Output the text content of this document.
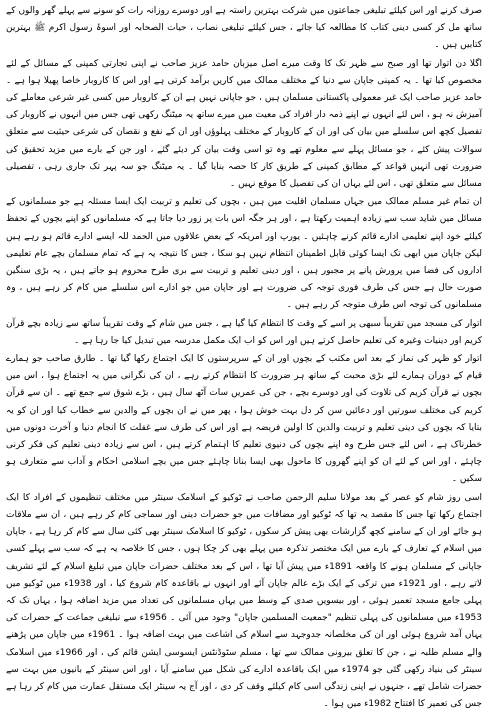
صرف کرنے اور اس کیلئے تبلیغی جماعتوں میں شرکت بہترین راستہ ہے اور دوسرے روزانہ رات کو سونے سے پہلے گھر والوں کے ساتھ مل کر کسی دینی کتاب کا مطالعہ کیا جائے ، جس کیلئے تبلیغی نصاب ، حیات الصحابہ اور اسوۂ رسول اکرم ﷺ بہترین کتابیں ہیں ۔

اگلا دن اتوار تھا اور صبح سے ظہر تک کا وقت میرے اصل میزبان حامد عزیز صاحب نے اپنی تجارتی کمپنی کے مسائل کے لئے مخصوص کیا تھا ۔ یہ کمپنی جاپان سے دنیا کے مختلف ممالک میں کاریں برآمد کرتی ہے اور اس کا کاروبار خاصا پھیلا ہوا ہے ۔ حامد عزیز صاحب ایک غیر معمولی پاکستانی مسلمان ہیں ، جو جاپانی نہیں ہے ان کے کاروبار میں کسی غیر شرعی معاملے کی آمیزش نہ ہو ، اس لئے انہوں نے اپنے ذمہ دار افراد کی معیت میں میرے ساتھ یہ میٹنگ رکھی تھی جس میں انہوں نے کاروبار کی تفصیل کچھ اس سلسلے میں بیان کی اور ان کے کاروبار کے مختلف پہلوؤں اور ان کے نفع و نقصان کی شرعی حیثیت سے متعلق سوالات پیش کئے ، جو مسائل پہلے سے معلوم تھے وہ تو اسی وقت بیان کر دیئے گئے ، اور جن کے بارے میں مزید تحقیق کی ضرورت تھی انہیں قواعد کے مطابق کمپنی کے طریق کار کا حصہ بنایا گیا ۔ یہ میٹنگ جو سہ پہر تک جاری رہی ، تفصیلی مسائل سے متعلق تھی ، اس لئے یہاں ان کی تفصیل کا موقع نہیں ۔

ان تمام غیر مسلم ممالک میں جہاں مسلمان اقلیت میں ہیں ، بچوں کی تعلیم و تربیت ایک ایسا مسئلہ ہے جو مسلمانوں کے مسائل میں شاید سب سے زیادہ اہمیت رکھتا ہے ، اور ہر جگہ اس بات پر زور دیا جاتا ہے کہ مسلمانوں کو اپنے بچوں کے تحفظ کیلئے خود اپنے تعلیمی ادارے قائم کرنے چاہئیں ۔ یورپ اور امریکہ کے بعض علاقوں میں الحمد للہ ایسے ادارے قائم ہو رہے ہیں لیکن جاپان میں ابھی تک ایسا کوئی قابل اطمینان انتظام نہیں ہو سکا ، جس کا نتیجہ یہ ہے کہ تمام مسلمان بچے عام تعلیمی اداروں کی فضا میں پرورش پانے پر مجبور ہیں ، اور دینی تعلیم و تربیت سے بری طرح محروم ہو جاتے ہیں ، یہ بڑی سنگین صورت حال ہے جس کی طرف فوری توجہ کی ضرورت ہے اور جاپان میں جو ادارے اس سلسلے میں کام کر رہے ہیں ، وہ مسلمانوں کی توجہ اس طرف متوجہ کر رہے ہیں ۔

اتوار کی مسجد میں تقریباً سبھی پر اسے کے وقت کا انتظام کیا گیا ہے ، جس میں شام کے وقت تقریباً ساتھ سے زیادہ بچے قرآن کریم اور دینیات وغیرہ کی تعلیم حاصل کرتے ہیں اور اس کو اب ایک مکمل مدرسہ میں تبدیل کیا جا رہا ہے ۔

اتوار کو ظہر کی نماز کے بعد اس مکتب کے بچوں اور ان کے سرپرستوں کا ایک اجتماع رکھا گیا تھا ۔ طارق صاحب جو ہمارے قیام کے دوران ہمارے لئے بڑی محبت کے ساتھ ہر ضرورت کا انتظام کرتے رہے ، ان کی نگرانی میں یہ اجتماع ہوا ، اس میں بچوں نے قرآن کریم کی تلاوت کی اور دوسرے بچے ، جن کی عمریں سات آٹھ سال ہیں ، بڑے شوق سے جمع تھے ۔ ان سے قرآن کریم کی مختلف سورتیں اور دعائیں سن کر دل بہت خوش ہوا ، پھر میں نے ان بچوں کے والدین سے خطاب کیا اور ان کو یہ بتایا کہ بچوں کی دینی تعلیم و تربیت والدین کا اولین فریضہ ہے اور اس کی طرف سے غفلت کا انجام دنیا و آخرت دونوں میں خطرناک ہے ، اس لئے جس طرح وہ اپنے بچوں کی دنیوی تعلیم کا اہتمام کرتے ہیں ، اس سے زیادہ دینی تعلیم کی فکر کرنی چاہئے ، اور اس کے لئے ان کو اپنے گھروں کا ماحول بھی ایسا بنانا چاہئے جس میں بچے اسلامی احکام و آداب سے متعارف ہو سکیں ۔

اسی روز شام کو عصر کے بعد مولانا سلیم الرحمن صاحب نے ٹوکیو کے اسلامک سینٹر میں مختلف تنظیموں کے افراد کا ایک اجتماع رکھا تھا جس کا مقصد یہ تھا کہ ٹوکیو اور مضافات میں جو حضرات دینی اور سماجی کام کر رہے ہیں ، ان سے ملاقات ہو جائے اور ان کے سامنے کچھ گزارشات بھی پیش کر سکوں ، ٹوکیو کا اسلامک سینٹر بھی کئی سال سے کام کر رہا ہے ، جاپان میں اسلام کے تعارف کے بارے میں ایک مختصر تذکرہ میں پہلے بھی کر چکا ہوں ، جس کا خلاصہ یہ ہے کہ سب سے پہلے کسی جاپانی کے مسلمان ہونے کا واقعہ 1891ء میں پیش آیا تھا ، اس کے بعد مختلف حضرات جاپان میں تبلیغ اسلام کے لئے تشریف لاتے رہے ، اور 1921ء میں ترکی کے ایک بڑے عالم جاپان آئے اور انہوں نے باقاعدہ کام شروع کیا ، اور 1938ء میں ٹوکیو میں پہلی جامع مسجد تعمیر ہوئی ، اور بیسویں صدی کے وسط میں یہاں مسلمانوں کی تعداد میں مزید اضافہ ہوا ، یہاں تک کہ 1953ء میں مسلمانوں کی پہلی تنظیم "جمعیت المسلمین جاپان" وجود میں آئی ۔ 1956ء سے تبلیغی جماعت کے حضرات کی یہاں آمد شروع ہوئی اور ان کی مخلصانہ جدوجہد سے اسلام کی اشاعت میں بہت اضافہ ہوا ۔ 1961ء میں جاپان میں پڑھنے والے مسلم طلبہ نے ، جن کا تعلق بیرونی ممالک سے تھا ، مسلم سٹوڈنٹس ایسوسی ایشن قائم کی ، اور 1966ء میں اسلامک سینٹر کی بنیاد رکھی گئی جو 1974ء میں ایک باقاعدہ ادارے کی شکل میں سامنے آیا ، اور اس سینٹر کے بانیوں میں بہت سے حضرات شامل تھے ، جنہوں نے اپنی زندگی اسی کام کیلئے وقف کر دی ، اور آج یہ سینٹر ایک مستقل عمارت میں کام کر رہا ہے جس کی تعمیر کا افتتاح 1982ء میں ہوا ۔
